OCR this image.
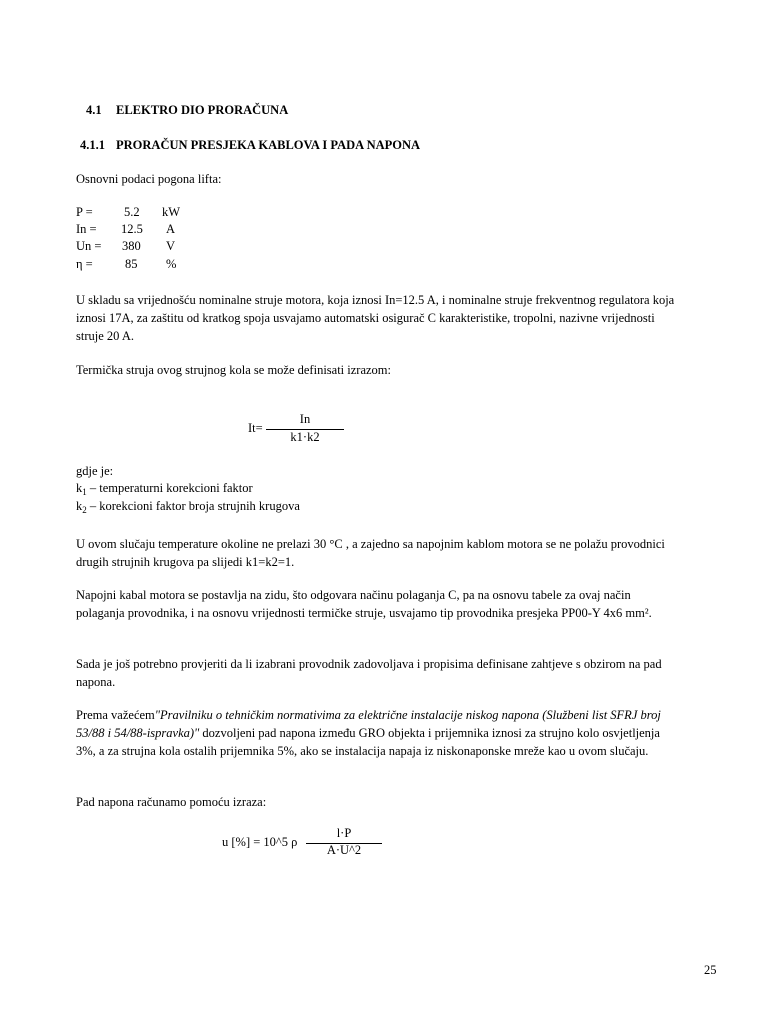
4.1 ELEKTRO DIO PRORAČUNA
4.1.1 PRORAČUN PRESJEKA KABLOVA I PADA NAPONA
Osnovni podaci pogona lifta:
P =	5.2 kW
In = 12.5 A
Un = 380 V
η =	85 %
U skladu sa vrijednošću nominalne struje motora, koja iznosi In=12.5 A, i nominalne struje frekventnog regulatora koja iznosi 17A, za zaštitu od kratkog spoja usvajamo automatski osigurač C karakteristike, tropolni, nazivne vrijednosti struje 20 A.
Termička struja ovog strujnog kola se može definisati izrazom:
It=
In
k1·k2
gdje je:
$k_1$ – temperaturni korekcioni faktor
$k_2$ – korekcioni faktor broja strujnih krugova
U ovom slučaju temperature okoline ne prelazi 30 °C , a zajedno sa napojnim kablom motora se ne polažu provodnici drugih strujnih krugova pa slijedi k1=k2=1.
Napojni kabal motora se postavlja na zidu, što odgovara načinu polaganja C, pa na osnovu tabele za ovaj način polaganja provodnika, i na osnovu vrijednosti termičke struje, usvajamo tip provodnika presjeka PP00-Y 4x6 mm².
Sada je još potrebno provjeriti da li izabrani provodnik zadovoljava i propisima definisane zahtjeve s obzirom na pad napona.
Prema važećem"Pravilniku o tehničkim normativima za električne instalacije niskog napona (Službeni list SFRJ broj 53/88 i 54/88-ispravka)" dozvoljeni pad napona između GRO objekta i prijemnika iznosi za strujno kolo osvjetljenja 3%, a za strujna kola ostalih prijemnika 5%, ako se instalacija napaja iz niskonaponske mreže kao u ovom slučaju.
Pad napona računamo pomoću izraza:
u [%] = 10^5 ρ
l·P
A·U^2
25
